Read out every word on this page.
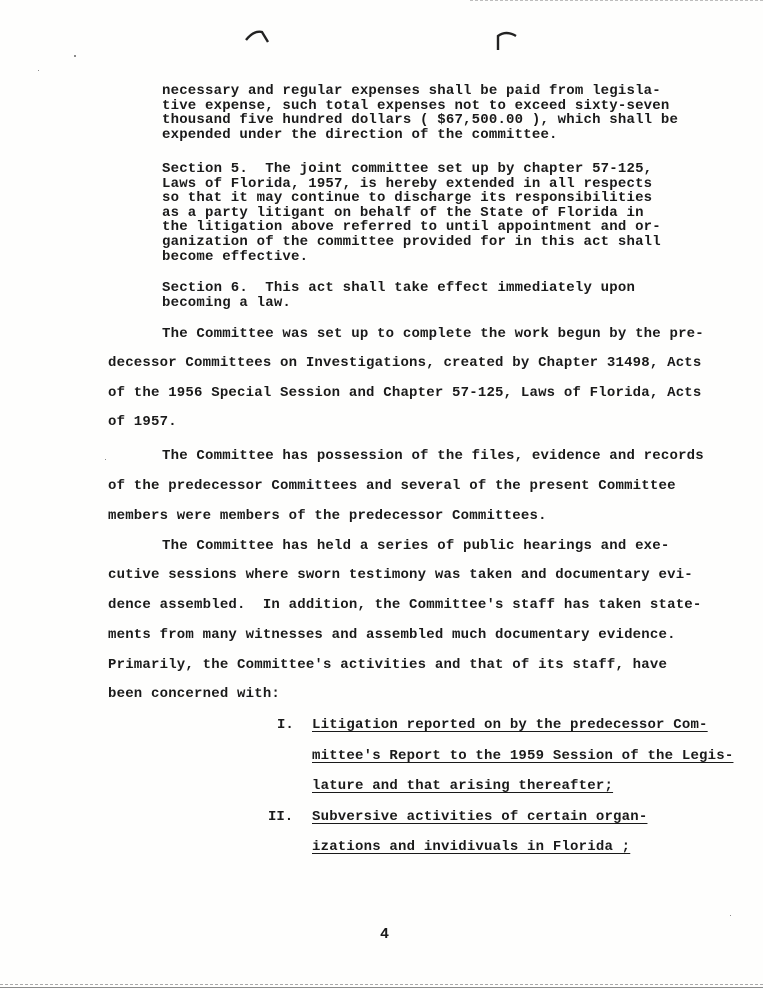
necessary and regular expenses shall be paid from legisla-
tive expense, such total expenses not to exceed sixty-seven
thousand five hundred dollars ( $67,500.00 ), which shall be
expended under the direction of the committee.
Section 5.  The joint committee set up by chapter 57-125,
Laws of Florida, 1957, is hereby extended in all respects
so that it may continue to discharge its responsibilities
as a party litigant on behalf of the State of Florida in
the litigation above referred to until appointment and or-
ganization of the committee provided for in this act shall
become effective.
Section 6.  This act shall take effect immediately upon
becoming a law.
The Committee was set up to complete the work begun by the pre-
decessor Committees on Investigations, created by Chapter 31498, Acts
of the 1956 Special Session and Chapter 57-125, Laws of Florida, Acts
of 1957.
The Committee has possession of the files, evidence and records
of the predecessor Committees and several of the present Committee
members were members of the predecessor Committees.
The Committee has held a series of public hearings and exe-
cutive sessions where sworn testimony was taken and documentary evi-
dence assembled.  In addition, the Committee's staff has taken state-
ments from many witnesses and assembled much documentary evidence.
Primarily, the Committee's activities and that of its staff, have
been concerned with:
I. Litigation reported on by the predecessor Com-
mittee's Report to the 1959 Session of the Legis-
lature and that arising thereafter;
II. Subversive activities of certain organ-
izations and invidivuals in Florida ;
4
